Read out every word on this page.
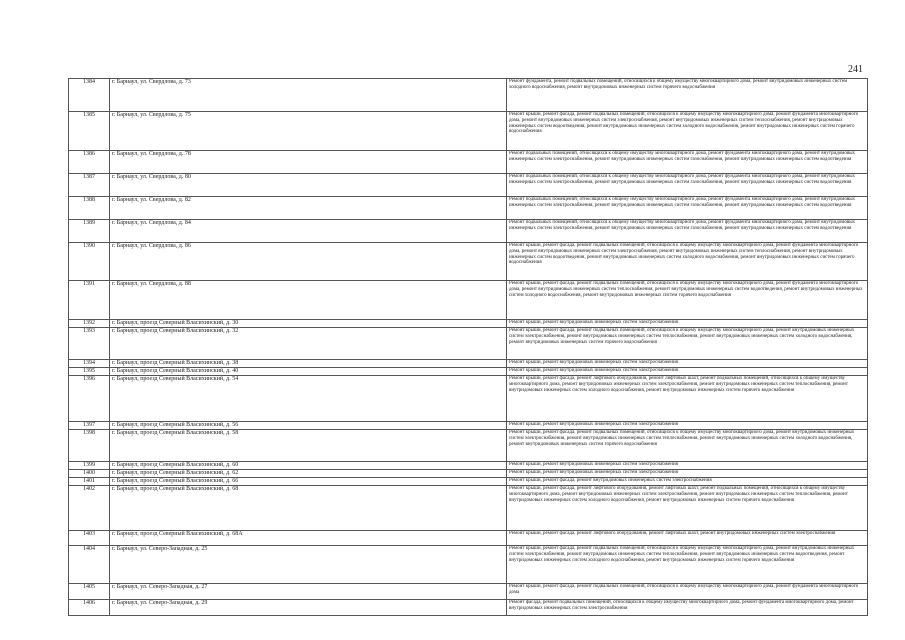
241
1384	г. Барнаул, ул. Свердлова, д. 73	Ремонт фундамента, ремонт подвальных помещений, относящихся к общему имуществу многоквартирного дома, ремонт внутридомовых инженерных систем холодного водоснабжения, ремонт внутридомовых инженерных систем горячего водоснабжения
1385	г. Барнаул, ул. Свердлова, д. 75	Ремонт крыши, ремонт фасада, ремонт подвальных помещений, относящихся к общему имуществу многоквартирного дома, ремонт фундамента многоквартирного дома, ремонт внутридомовых инженерных систем электроснабжения, ремонт внутридомовых инженерных систем теплоснабжения, ремонт внутридомовых инженерных систем водоотведения, ремонт внутридомовых инженерных систем холодного водоснабжения, ремонт внутридомовых инженерных систем горячего водоснабжения
1386	г. Барнаул, ул. Свердлова, д. 78	Ремонт подвальных помещений, относящихся к общему имуществу многоквартирного дома, ремонт фундамента многоквартирного дома, ремонт внутридомовых инженерных систем электроснабжения, ремонт внутридомовых инженерных систем газоснабжения, ремонт внутридомовых инженерных систем водоотведения
1387	г. Барнаул, ул. Свердлова, д. 80	Ремонт подвальных помещений, относящихся к общему имуществу многоквартирного дома, ремонт фундамента многоквартирного дома, ремонт внутридомовых инженерных систем электроснабжения, ремонт внутридомовых инженерных систем газоснабжения, ремонт внутридомовых инженерных систем водоотведения
1388	г. Барнаул, ул. Свердлова, д. 82	Ремонт подвальных помещений, относящихся к общему имуществу многоквартирного дома, ремонт фундамента многоквартирного дома, ремонт внутридомовых инженерных систем электроснабжения, ремонт внутридомовых инженерных систем газоснабжения, ремонт внутридомовых инженерных систем водоотведения
1389	г. Барнаул, ул. Свердлова, д. 84	Ремонт подвальных помещений, относящихся к общему имуществу многоквартирного дома, ремонт фундамента многоквартирного дома, ремонт внутридомовых инженерных систем электроснабжения, ремонт внутридомовых инженерных систем газоснабжения, ремонт внутридомовых инженерных систем водоотведения
1390	г. Барнаул, ул. Свердлова, д. 86	Ремонт крыши, ремонт фасада, ремонт подвальных помещений, относящихся к общему имуществу многоквартирного дома, ремонт фундамента многоквартирного дома, ремонт внутридомовых инженерных систем электроснабжения, ремонт внутридомовых инженерных систем теплоснабжения, ремонт внутридомовых инженерных систем водоотведения, ремонт внутридомовых инженерных систем холодного водоснабжения, ремонт внутридомовых инженерных систем горячего водоснабжения
1391	г. Барнаул, ул. Свердлова, д. 88	Ремонт крыши, ремонт фасада, ремонт подвальных помещений, относящихся к общему имуществу многоквартирного дома, ремонт фундамента многоквартирного дома, ремонт внутридомовых инженерных систем теплоснабжения, ремонт внутридомовых инженерных систем водоотведения, ремонт внутридомовых инженерных систем холодного водоснабжения, ремонт внутридомовых инженерных систем горячего водоснабжения
1392	г. Барнаул, проезд Северный Власихинский, д. 30	Ремонт крыши, ремонт внутридомовых инженерных систем электроснабжения
1393	г. Барнаул, проезд Северный Власихинский, д. 32	Ремонт крыши, ремонт фасада, ремонт подвальных помещений, относящихся к общему имуществу многоквартирного дома, ремонт внутридомовых инженерных систем электроснабжения, ремонт внутридомовых инженерных систем теплоснабжения, ремонт внутридомовых инженерных систем холодного водоснабжения, ремонт внутридомовых инженерных систем горячего водоснабжения
1394	г. Барнаул, проезд Северный Власихинский, д. 38	Ремонт крыши, ремонт внутридомовых инженерных систем электроснабжения
1395	г. Барнаул, проезд Северный Власихинский, д. 40	Ремонт крыши, ремонт внутридомовых инженерных систем электроснабжения
1396	г. Барнаул, проезд Северный Власихинский, д. 54	Ремонт крыши, ремонт фасада, ремонт лифтового оборудования, ремонт лифтовых шахт, ремонт подвальных помещений, относящихся к общему имуществу многоквартирного дома, ремонт внутридомовых инженерных систем электроснабжения, ремонт внутридомовых инженерных систем теплоснабжения, ремонт внутридомовых инженерных систем холодного водоснабжения, ремонт внутридомовых инженерных систем горячего водоснабжения
1397	г. Барнаул, проезд Северный Власихинский, д. 56	Ремонт крыши, ремонт внутридомовых инженерных систем электроснабжения
1398	г. Барнаул, проезд Северный Власихинский, д. 58	Ремонт крыши, ремонт фасада, ремонт подвальных помещений, относящихся к общему имуществу многоквартирного дома, ремонт внутридомовых инженерных систем электроснабжения, ремонт внутридомовых инженерных систем теплоснабжения, ремонт внутридомовых инженерных систем холодного водоснабжения, ремонт внутридомовых инженерных систем горячего водоснабжения
1399	г. Барнаул, проезд Северный Власихинский, д. 60	Ремонт крыши, ремонт внутридомовых инженерных систем электроснабжения
1400	г. Барнаул, проезд Северный Власихинский, д. 62	Ремонт крыши, ремонт внутридомовых инженерных систем электроснабжения
1401	г. Барнаул, проезд Северный Власихинский, д. 66	Ремонт крыши, ремонт фасада, ремонт внутридомовых инженерных систем электроснабжения
1402	г. Барнаул, проезд Северный Власихинский, д. 68	Ремонт крыши, ремонт фасада, ремонт лифтового оборудования, ремонт лифтовых шахт, ремонт подвальных помещений, относящихся к общему имуществу многоквартирного дома, ремонт внутридомовых инженерных систем электроснабжения, ремонт внутридомовых инженерных систем теплоснабжения, ремонт внутридомовых инженерных систем холодного водоснабжения, ремонт внутридомовых инженерных систем горячего водоснабжения
1403	г. Барнаул, проезд Северный Власихинский, д. 68А	Ремонт крыши, ремонт фасада, ремонт лифтового оборудования, ремонт лифтовых шахт, ремонт внутридомовых инженерных систем электроснабжения
1404	г. Барнаул, ул. Северо-Западная, д. 25	Ремонт крыши, ремонт фасада, ремонт подвальных помещений, относящихся к общему имуществу многоквартирного дома, ремонт внутридомовых инженерных систем электроснабжения, ремонт внутридомовых инженерных систем теплоснабжения, ремонт внутридомовых инженерных систем водоотведения, ремонт внутридомовых инженерных систем холодного водоснабжения, ремонт внутридомовых инженерных систем горячего водоснабжения
1405	г. Барнаул, ул. Северо-Западная, д. 27	Ремонт крыши, ремонт фасада, ремонт подвальных помещений, относящихся к общему имуществу многоквартирного дома, ремонт фундамента многоквартирного дома
1406	г. Барнаул, ул. Северо-Западная, д. 29	Ремонт фасада, ремонт подвальных помещений, относящихся к общему имуществу многоквартирного дома, ремонт фундамента многоквартирного дома, ремонт внутридомовых инженерных систем электроснабжения
